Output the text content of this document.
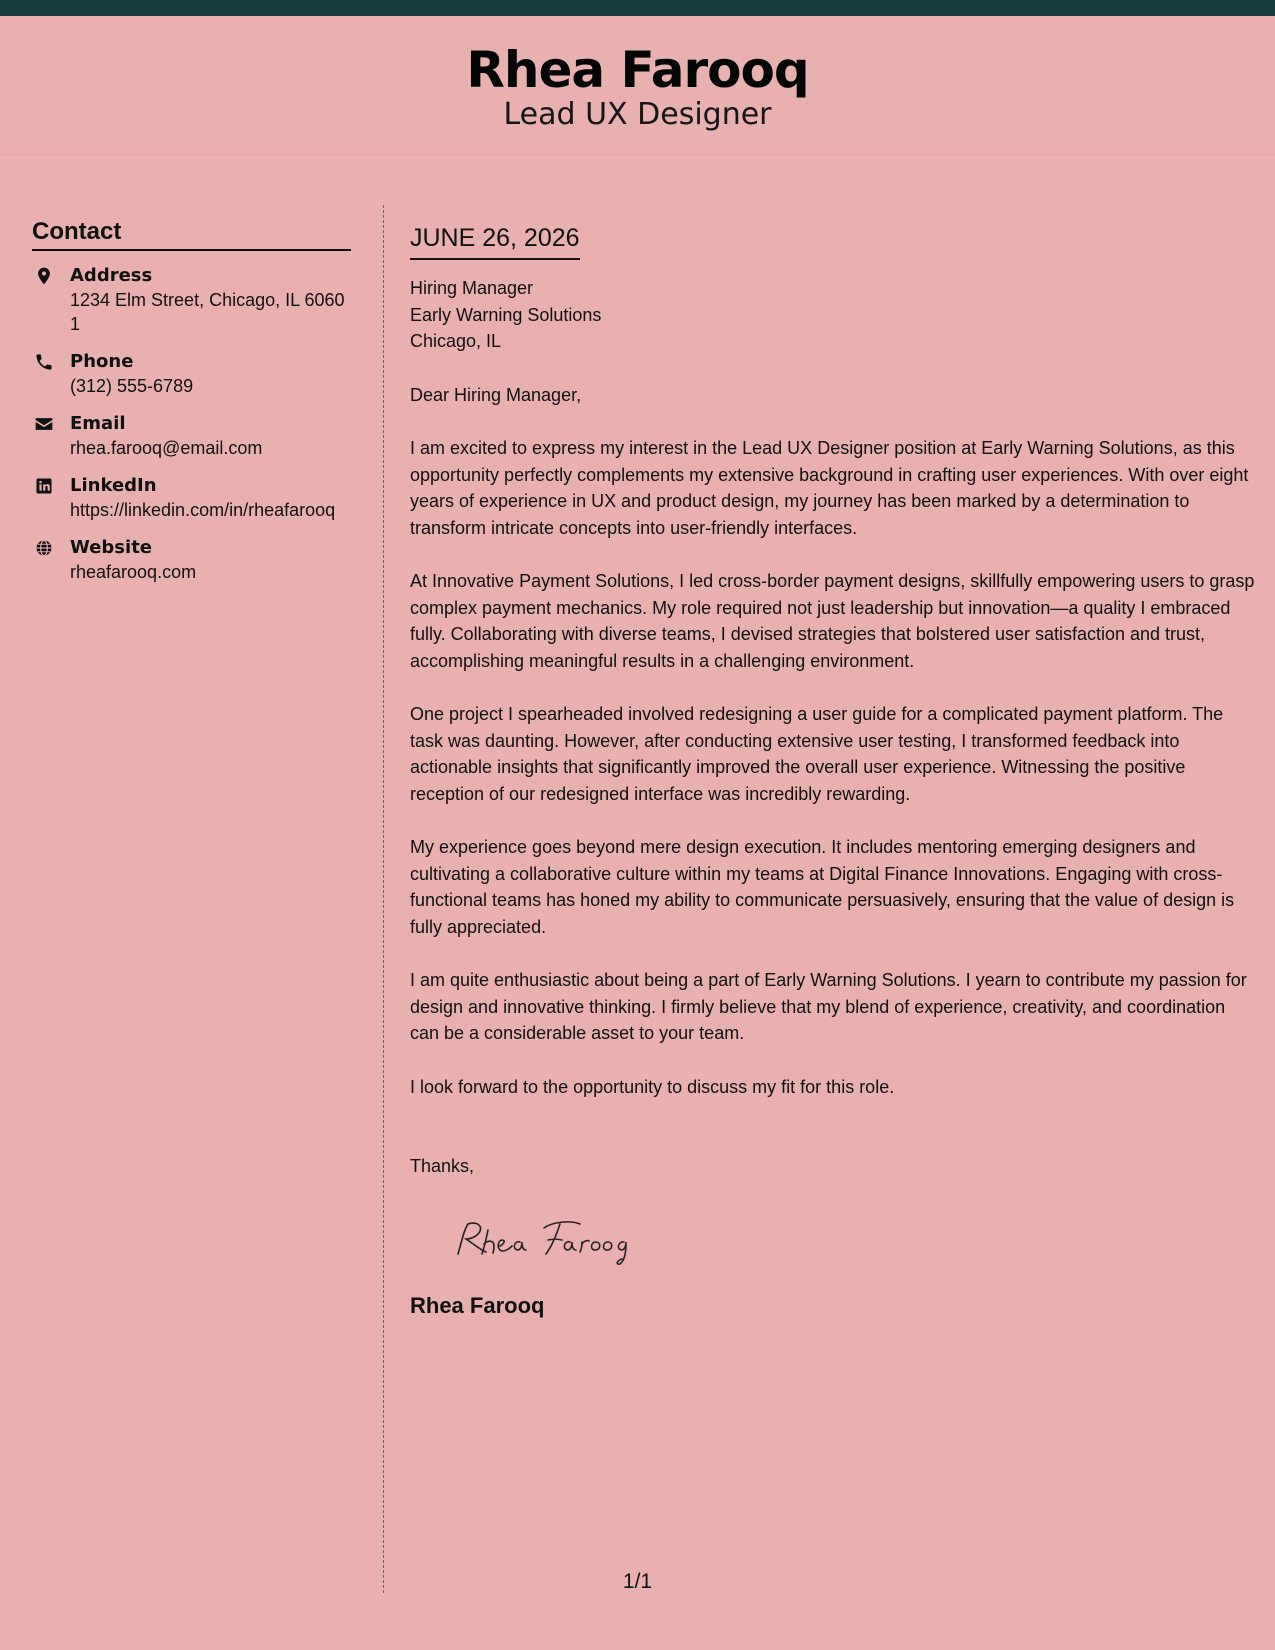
Rhea Farooq

Lead UX Designer

Contact
Address
1234 Elm Street, Chicago, IL 60601
Phone
(312) 555-6789
Email
rhea.farooq@email.com
LinkedIn
https://linkedin.com/in/rheafarooq
Website
rheafarooq.com

JUNE 26, 2026

Hiring Manager
Early Warning Solutions
Chicago, IL
Dear Hiring Manager,
I am excited to express my interest in the Lead UX Designer position at Early Warning Solutions, as this opportunity perfectly complements my extensive background in crafting user experiences. With over eight years of experience in UX and product design, my journey has been marked by a determination to transform intricate concepts into user-friendly interfaces.
At Innovative Payment Solutions, I led cross-border payment designs, skillfully empowering users to grasp complex payment mechanics. My role required not just leadership but innovation—a quality I embraced fully. Collaborating with diverse teams, I devised strategies that bolstered user satisfaction and trust, accomplishing meaningful results in a challenging environment.
One project I spearheaded involved redesigning a user guide for a complicated payment platform. The task was daunting. However, after conducting extensive user testing, I transformed feedback into actionable insights that significantly improved the overall user experience. Witnessing the positive reception of our redesigned interface was incredibly rewarding.
My experience goes beyond mere design execution. It includes mentoring emerging designers and cultivating a collaborative culture within my teams at Digital Finance Innovations. Engaging with cross-functional teams has honed my ability to communicate persuasively, ensuring that the value of design is fully appreciated.
I am quite enthusiastic about being a part of Early Warning Solutions. I yearn to contribute my passion for design and innovative thinking. I firmly believe that my blend of experience, creativity, and coordination can be a considerable asset to your team.
I look forward to the opportunity to discuss my fit for this role.
Thanks,
Rhea Farooq
1/1
